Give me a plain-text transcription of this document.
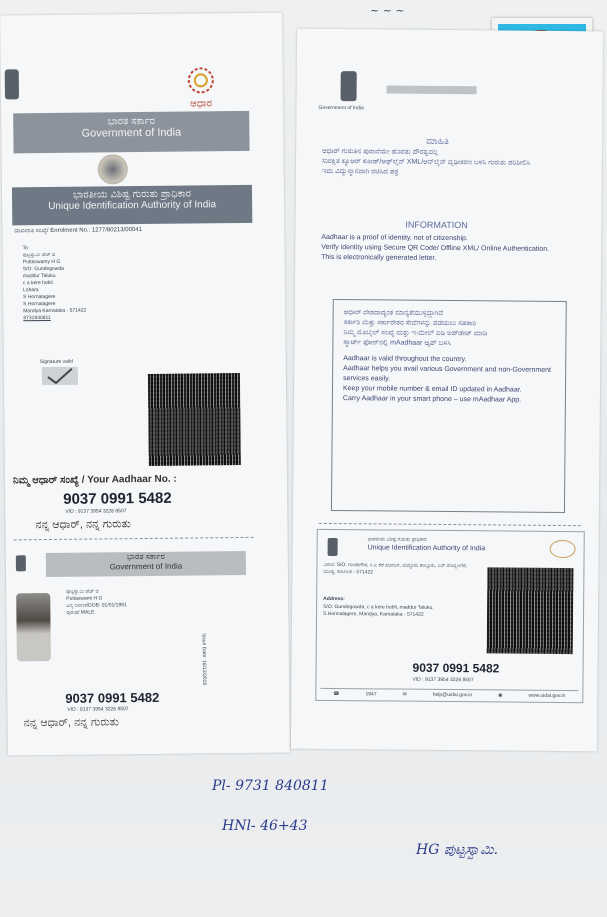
~ ~ ~
ಆಧಾರ
ಭಾರತ ಸರ್ಕಾರ
Government of India
ಭಾರತೀಯ ವಿಶಿಷ್ಟ ಗುರುತು ಪ್ರಾಧಿಕಾರ
Unique Identification Authority of India
ದಾಖಲಾತಿ ಸಂಖ್ಯೆ/ Enrolment No.: 1277/80213/00041
To
ಪುಟ್ಟಸ್ವಾಮಿ ಹೆಚ್ ಜಿ
Puttaswamy H G
S/O: Gundegowda
maddur Taluku
c a kere hobli
Lohara
S Hornalagere
S Hornalagere
Mandya Karnataka - 571422
8731840811
Signature valid
ನಿಮ್ಮ ಆಧಾರ್ ಸಂಖ್ಯೆ / Your Aadhaar No. :
9037 0991 5482
VID : 9137 3954 3226 8507
ನನ್ನ ಆಧಾರ್, ನನ್ನ ಗುರುತು
ಭಾರತ ಸರ್ಕಾರ
Government of India
ಪುಟ್ಟಸ್ವಾಮಿ ಹೆಚ್ ಜಿ
Puttaswami H G
ಜನ್ಮ ದಿನಾಂಕ/DOB: 01/01/1981
ಪುರುಷ/ MALE
Issue Date: 16/12/2016
9037 0991 5482
VID : 9137 3954 3226 8507
ನನ್ನ ಆಧಾರ್, ನನ್ನ ಗುರುತು
Government of India
ಮಾಹಿತಿ
ಆಧಾರ್ ಗುರುತಿನ ಪುರಾವೆಯೇ ಹೊರತು ಪೌರತ್ವದಲ್ಲ
ಸುರಕ್ಷಿತ ಕ್ಯೂಆರ್ ಕೋಡ್/ಆಫ್‌ಲೈನ್ XML/ಆನ್‌ಲೈನ್ ದೃಢೀಕರಣ ಬಳಸಿ ಗುರುತು ಪರಿಶೀಲಿಸಿ
ಇದು ವಿದ್ಯುನ್ಮಾನವಾಗಿ ರಚಿಸಿದ ಪತ್ರ
INFORMATION
Aadhaar is a proof of identity, not of citizenship.
Verify identity using Secure QR Code/ Offline XML/ Online Authentication.
This is electronically generated letter.
ಆಧಾರ್ ದೇಶದಾದ್ಯಂತ ಮಾನ್ಯತೆಯುಳ್ಳದ್ದಾಗಿದೆ
ಸರ್ಕಾರಿ ಮತ್ತು ಸರ್ಕಾರೇತರ ಸೇವೆಗಳನ್ನು ಪಡೆಯಲು ಸಹಕಾರಿ
ನಿಮ್ಮ ಮೊಬೈಲ್ ಸಂಖ್ಯೆ ಮತ್ತು ಇ-ಮೇಲ್ ಐಡಿ ಅಪ್‌ಡೇಟ್ ಮಾಡಿ
ಸ್ಮಾರ್ಟ್ ಫೋನ್‌ನಲ್ಲಿ mAadhaar ಆ್ಯಪ್ ಬಳಸಿ
Aadhaar is valid throughout the country.
Aadhaar helps you avail various Government and non-Government services easily.
Keep your mobile number & email ID updated in Aadhaar.
Carry Aadhaar in your smart phone – use mAadhaar App.
ಭಾರತೀಯ ವಿಶಿಷ್ಟ ಗುರುತು ಪ್ರಾಧಿಕಾರ
Unique Identification Authority of India
ವಿಳಾಸ: S/O: ಗುಂಡೇಗೌಡ, ಸಿ ಎ ಕೆರೆ ಹೋಬಳಿ, ಮದ್ದೂರು ತಾಲ್ಲೂಕು, ಎಸ್ ಹೊನ್ನಲಗೆರೆ, ಮಂಡ್ಯ, ಕರ್ನಾಟಕ - 571422
Address:
S/O: Gundegowda, c a kere hobli, maddur Taluku, S.Honnalagere, Mandya, Karnataka - 571422
9037 0991 5482
VID : 9137 3954 3226 8507
☎	1947	✉	help@uidai.gov.in	◉	www.uidai.gov.in
Pl- 9731 840811
HNl- 46+43
HG ಪುಟ್ಟಸ್ವಾಮಿ.
